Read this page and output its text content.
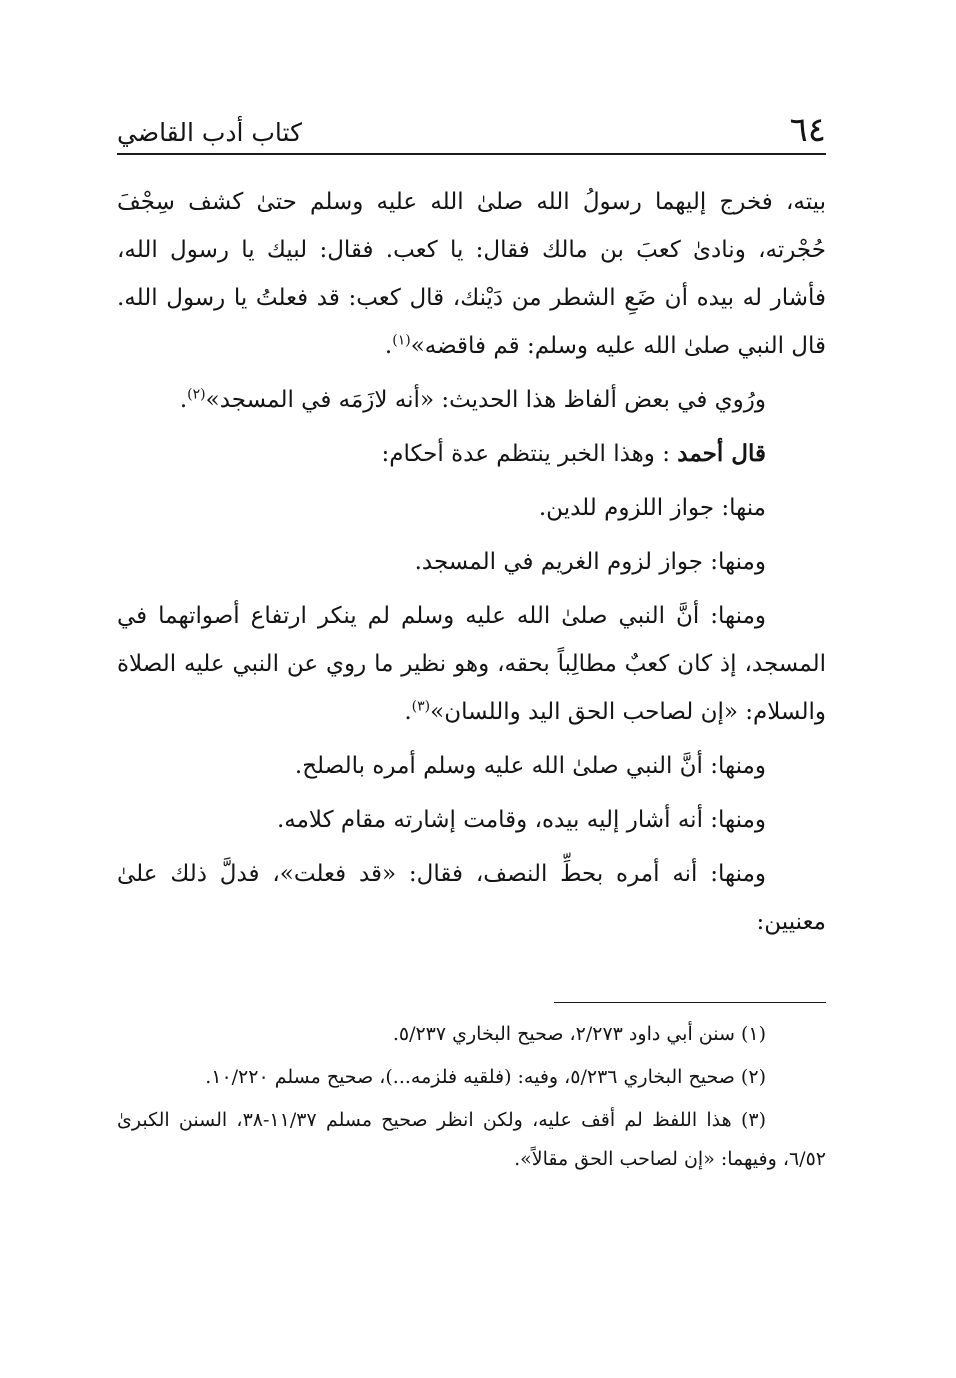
٦٤
كتاب أدب القاضي

بيته، فخرج إليهما رسولُ الله صلىٰ الله عليه وسلم حتىٰ كشف سِجْفَ حُجْرته، ونادىٰ كعبَ بن مالك فقال: يا كعب. فقال: لبيك يا رسول الله، فأشار له بيده أن ضَعِ الشطر من دَيْنك، قال كعب: قد فعلتُ يا رسول الله. قال النبي صلىٰ الله عليه وسلم: قم فاقضه»$^{(١)}$.

ورُوي في بعض ألفاظ هذا الحديث: «أنه لازَمَه في المسجد»$^{(٢)}$.

قال أحمد : وهذا الخبر ينتظم عدة أحكام:

منها: جواز اللزوم للدين.

ومنها: جواز لزوم الغريم في المسجد.

ومنها: أنَّ النبي صلىٰ الله عليه وسلم لم ينكر ارتفاع أصواتهما في المسجد، إذ كان كعبٌ مطالِباً بحقه، وهو نظير ما روي عن النبي عليه الصلاة والسلام: «إن لصاحب الحق اليد واللسان»$^{(٣)}$.

ومنها: أنَّ النبي صلىٰ الله عليه وسلم أمره بالصلح.

ومنها: أنه أشار إليه بيده، وقامت إشارته مقام كلامه.

ومنها: أنه أمره بحطِّ النصف، فقال: «قد فعلت»، فدلَّ ذلك علىٰ معنيين:

(١) سنن أبي داود ٢/٢٧٣، صحيح البخاري ٥/٢٣٧.

(٢) صحيح البخاري ٥/٢٣٦، وفيه: (فلقيه فلزمه...)، صحيح مسلم ١٠/٢٢٠.

(٣) هذا اللفظ لم أقف عليه، ولكن انظر صحيح مسلم ١١/٣٧-٣٨، السنن الكبرىٰ ٦/٥٢، وفيهما: «إن لصاحب الحق مقالاً».
